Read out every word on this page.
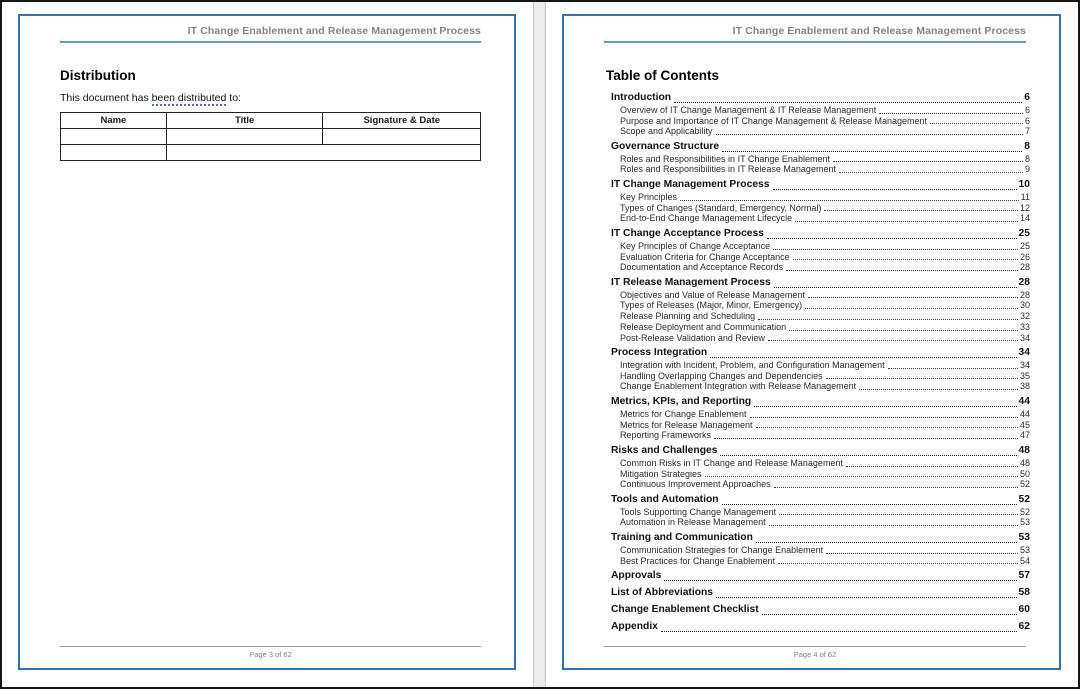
IT Change Enablement and Release Management Process
Distribution

This document has been distributed to:

Name	Title	Signature & Date

Page 3 of 62
IT Change Enablement and Release Management Process
Table of Contents
Introduction	6
Overview of IT Change Management & IT Release Management	6
Purpose and Importance of IT Change Management & Release Management	6
Scope and Applicability	7
Governance Structure	8
Roles and Responsibilities in IT Change Enablement	8
Roles and Responsibilities in IT Release Management	9
IT Change Management Process	10
Key Principles	11
Types of Changes (Standard, Emergency, Normal)	12
End-to-End Change Management Lifecycle	14
IT Change Acceptance Process	25
Key Principles of Change Acceptance	25
Evaluation Criteria for Change Acceptance	26
Documentation and Acceptance Records	28
IT Release Management Process	28
Objectives and Value of Release Management	28
Types of Releases (Major, Minor, Emergency)	30
Release Planning and Scheduling	32
Release Deployment and Communication	33
Post-Release Validation and Review	34
Process Integration	34
Integration with Incident, Problem, and Configuration Management	34
Handling Overlapping Changes and Dependencies	35
Change Enablement Integration with Release Management	38
Metrics, KPIs, and Reporting	44
Metrics for Change Enablement	44
Metrics for Release Management	45
Reporting Frameworks	47
Risks and Challenges	48
Common Risks in IT Change and Release Management	48
Mitigation Strategies	50
Continuous Improvement Approaches	52
Tools and Automation	52
Tools Supporting Change Management	52
Automation in Release Management	53
Training and Communication	53
Communication Strategies for Change Enablement	53
Best Practices for Change Enablement	54
Approvals	57
List of Abbreviations	58
Change Enablement Checklist	60
Appendix	62
Page 4 of 62
